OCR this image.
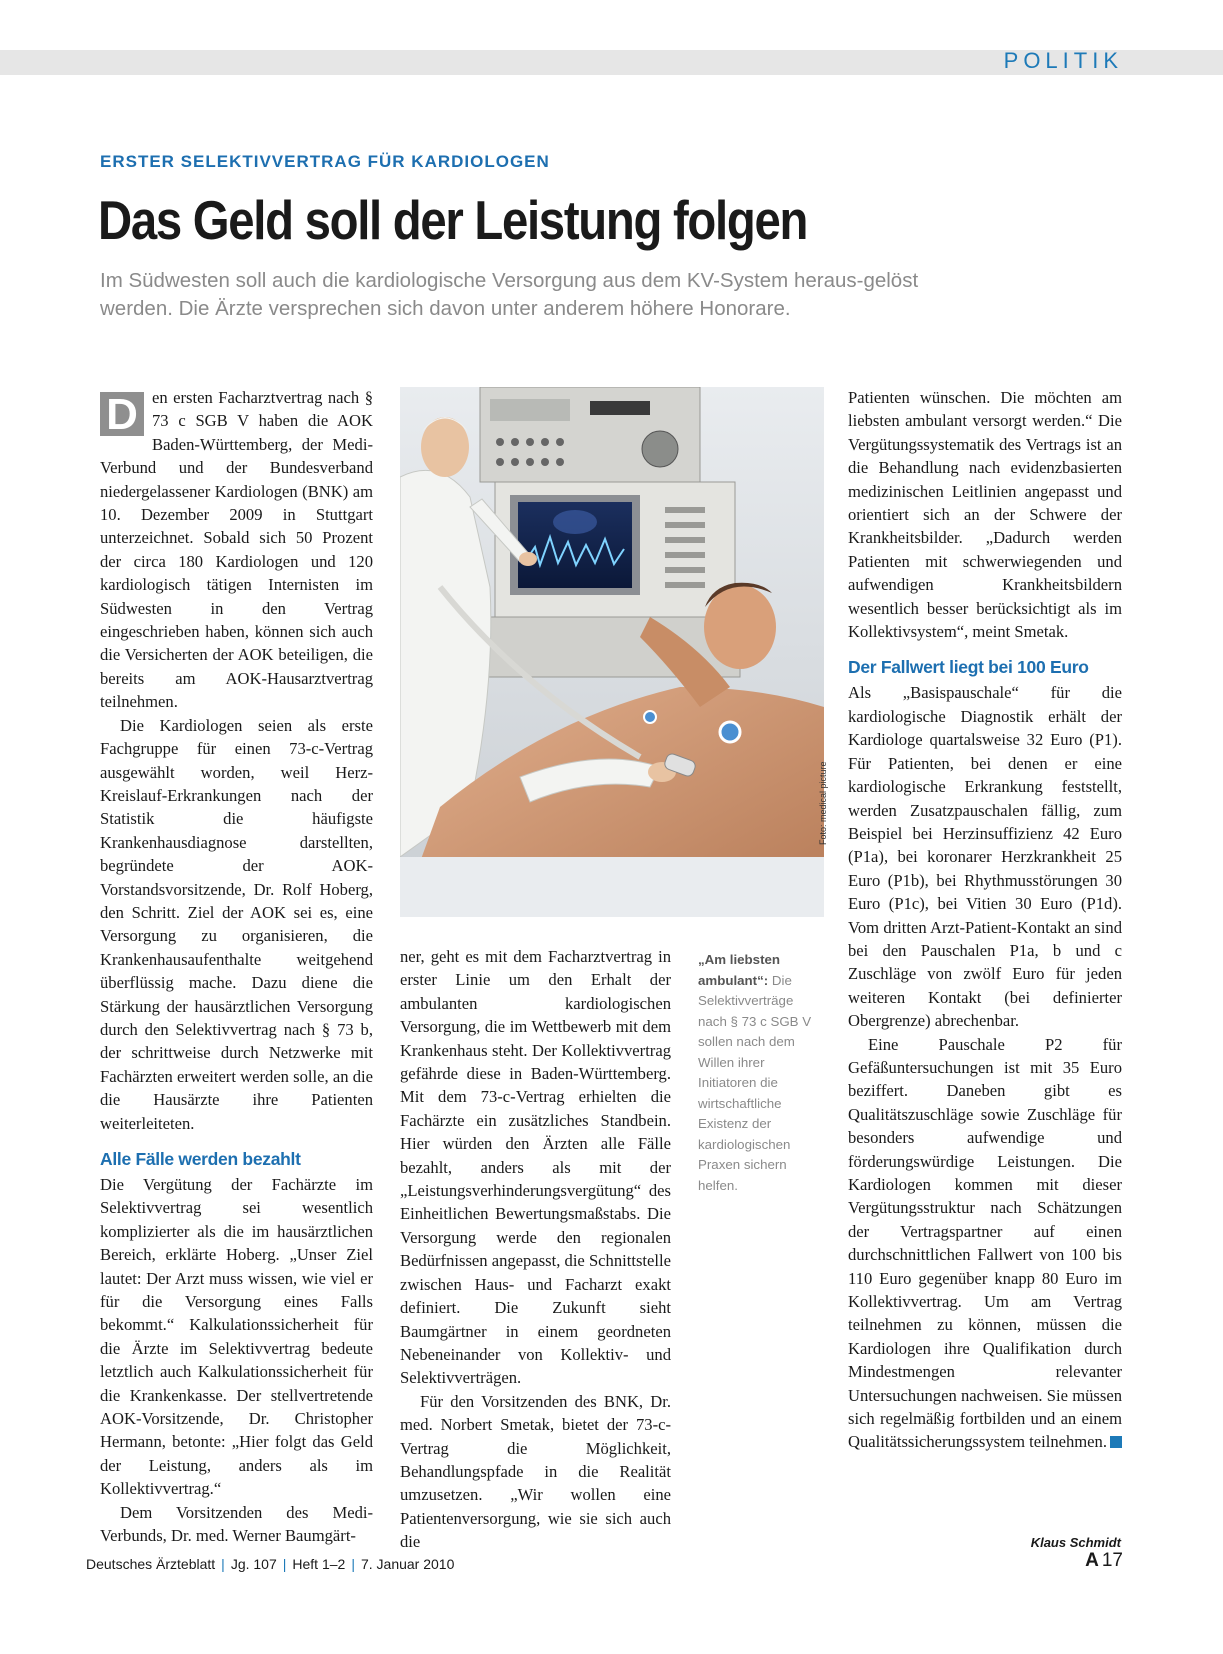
POLITIK
ERSTER SELEKTIVVERTRAG FÜR KARDIOLOGEN
Das Geld soll der Leistung folgen
Im Südwesten soll auch die kardiologische Versorgung aus dem KV-System heraus-gelöst werden. Die Ärzte versprechen sich davon unter anderem höhere Honorare.

D en ersten Facharztvertrag nach § 73 c SGB V haben die AOK Baden-Württemberg, der Medi-Verbund und der Bundesverband niedergelassener Kardiologen (BNK) am 10. Dezember 2009 in Stuttgart unterzeichnet. Sobald sich 50 Prozent der circa 180 Kardiologen und 120 kardiologisch tätigen Internisten im Südwesten in den Vertrag eingeschrieben haben, können sich auch die Versicherten der AOK beteiligen, die bereits am AOK-Hausarztvertrag teilnehmen.

Die Kardiologen seien als erste Fachgruppe für einen 73-c-Vertrag ausgewählt worden, weil Herz-Kreislauf-Erkrankungen nach der Statistik die häufigste Krankenhausdiagnose darstellten, begründete der AOK-Vorstandsvorsitzende, Dr. Rolf Hoberg, den Schritt. Ziel der AOK sei es, eine Versorgung zu organisieren, die Krankenhausaufenthalte weitgehend überflüssig mache. Dazu diene die Stärkung der hausärztlichen Versorgung durch den Selektivvertrag nach § 73 b, der schrittweise durch Netzwerke mit Fachärzten erweitert werden solle, an die die Hausärzte ihre Patienten weiterleiteten.

Alle Fälle werden bezahlt

Die Vergütung der Fachärzte im Selektivvertrag sei wesentlich komplizierter als die im hausärztlichen Bereich, erklärte Hoberg. „Unser Ziel lautet: Der Arzt muss wissen, wie viel er für die Versorgung eines Falls bekommt.“ Kalkulationssicherheit für die Ärzte im Selektivvertrag bedeute letztlich auch Kalkulationssicherheit für die Krankenkasse. Der stellvertretende AOK-Vorsitzende, Dr. Christopher Hermann, betonte: „Hier folgt das Geld der Leistung, anders als im Kollektivvertrag.“

Dem Vorsitzenden des Medi-Verbunds, Dr. med. Werner Baumgärt-

Foto: medical picture

ner, geht es mit dem Facharztvertrag in erster Linie um den Erhalt der ambulanten kardiologischen Versorgung, die im Wettbewerb mit dem Krankenhaus steht. Der Kollektivvertrag gefährde diese in Baden-Württemberg. Mit dem 73-c-Vertrag erhielten die Fachärzte ein zusätzliches Standbein. Hier würden den Ärzten alle Fälle bezahlt, anders als mit der „Leistungsverhinderungsvergütung“ des Einheitlichen Bewertungsmaßstabs. Die Versorgung werde den regionalen Bedürfnissen angepasst, die Schnittstelle zwischen Haus- und Facharzt exakt definiert. Die Zukunft sieht Baumgärtner in einem geordneten Nebeneinander von Kollektiv- und Selektivverträgen.

Für den Vorsitzenden des BNK, Dr. med. Norbert Smetak, bietet der 73-c-Vertrag die Möglichkeit, Behandlungspfade in die Realität umzusetzen. „Wir wollen eine Patientenversorgung, wie sie sich auch die

„Am liebsten ambulant“: Die Selektivverträge nach § 73 c SGB V sollen nach dem Willen ihrer Initiatoren die wirtschaftliche Existenz der kardiologischen Praxen sichern helfen.

Patienten wünschen. Die möchten am liebsten ambulant versorgt werden.“ Die Vergütungssystematik des Vertrags ist an die Behandlung nach evidenzbasierten medizinischen Leitlinien angepasst und orientiert sich an der Schwere der Krankheitsbilder. „Dadurch werden Patienten mit schwerwiegenden und aufwendigen Krankheitsbildern wesentlich besser berücksichtigt als im Kollektivsystem“, meint Smetak.

Der Fallwert liegt bei 100 Euro

Als „Basispauschale“ für die kardiologische Diagnostik erhält der Kardiologe quartalsweise 32 Euro (P1). Für Patienten, bei denen er eine kardiologische Erkrankung feststellt, werden Zusatzpauschalen fällig, zum Beispiel bei Herzinsuffizienz 42 Euro (P1a), bei koronarer Herzkrankheit 25 Euro (P1b), bei Rhythmusstörungen 30 Euro (P1c), bei Vitien 30 Euro (P1d). Vom dritten Arzt-Patient-Kontakt an sind bei den Pauschalen P1a, b und c Zuschläge von zwölf Euro für jeden weiteren Kontakt (bei definierter Obergrenze) abrechenbar.

Eine Pauschale P2 für Gefäßuntersuchungen ist mit 35 Euro beziffert. Daneben gibt es Qualitätszuschläge sowie Zuschläge für besonders aufwendige und förderungswürdige Leistungen. Die Kardiologen kommen mit dieser Vergütungsstruktur nach Schätzungen der Vertragspartner auf einen durchschnittlichen Fallwert von 100 bis 110 Euro gegenüber knapp 80 Euro im Kollektivvertrag. Um am Vertrag teilnehmen zu können, müssen die Kardiologen ihre Qualifikation durch Mindestmengen relevanter Untersuchungen nachweisen. Sie müssen sich regelmäßig fortbilden und an einem Qualitätssicherungssystem teilnehmen.

Klaus Schmidt
Deutsches Ärzteblatt | Jg. 107 | Heft 1–2 | 7. Januar 2010	A 17
